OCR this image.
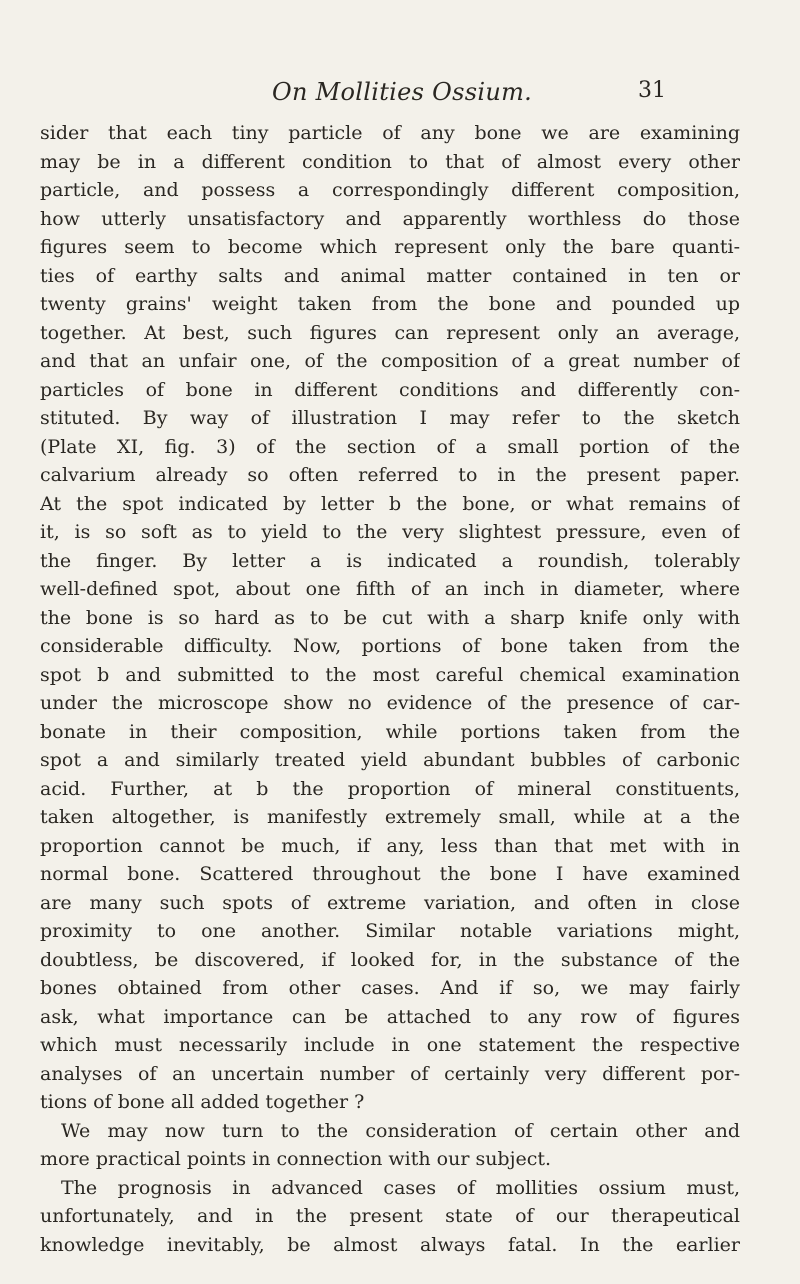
On Mollities Ossium.	31
sider that each tiny particle of any bone we are examining
may be in a different condition to that of almost every other
particle, and possess a correspondingly different composition,
how utterly unsatisfactory and apparently worthless do those
figures seem to become which represent only the bare quanti-
ties of earthy salts and animal matter contained in ten or
twenty grains' weight taken from the bone and pounded up
together. At best, such figures can represent only an average,
and that an unfair one, of the composition of a great number of
particles of bone in different conditions and differently con-
stituted. By way of illustration I may refer to the sketch
(Plate XI, fig. 3) of the section of a small portion of the
calvarium already so often referred to in the present paper.
At the spot indicated by letter b the bone, or what remains of
it, is so soft as to yield to the very slightest pressure, even of
the finger. By letter a is indicated a roundish, tolerably
well-defined spot, about one fifth of an inch in diameter, where
the bone is so hard as to be cut with a sharp knife only with
considerable difficulty. Now, portions of bone taken from the
spot b and submitted to the most careful chemical examination
under the microscope show no evidence of the presence of car-
bonate in their composition, while portions taken from the
spot a and similarly treated yield abundant bubbles of carbonic
acid. Further, at b the proportion of mineral constituents,
taken altogether, is manifestly extremely small, while at a the
proportion cannot be much, if any, less than that met with in
normal bone. Scattered throughout the bone I have examined
are many such spots of extreme variation, and often in close
proximity to one another. Similar notable variations might,
doubtless, be discovered, if looked for, in the substance of the
bones obtained from other cases. And if so, we may fairly
ask, what importance can be attached to any row of figures
which must necessarily include in one statement the respective
analyses of an uncertain number of certainly very different por-
tions of bone all added together ?
We may now turn to the consideration of certain other and
more practical points in connection with our subject.
The prognosis in advanced cases of mollities ossium must,
unfortunately, and in the present state of our therapeutical
knowledge inevitably, be almost always fatal. In the earlier
